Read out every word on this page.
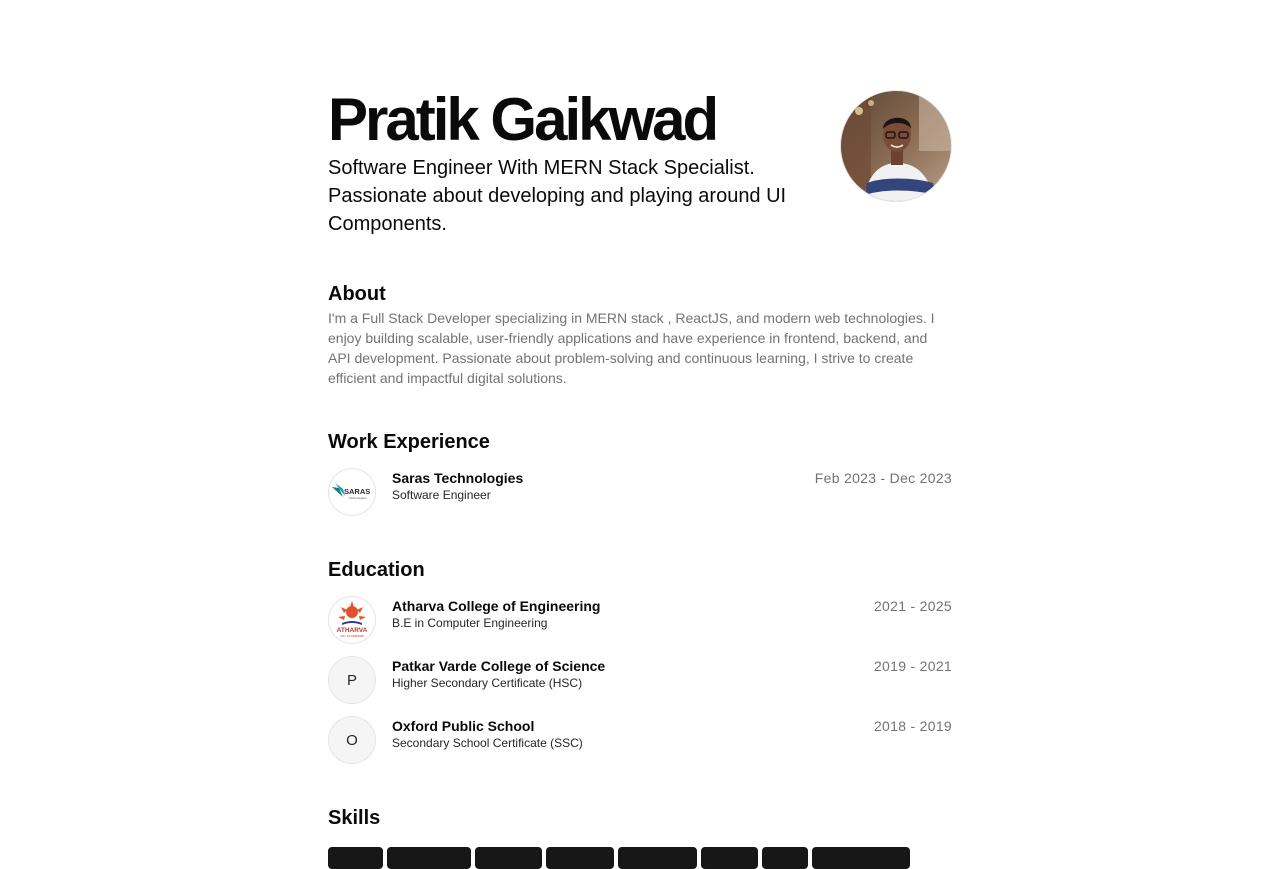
Pratik Gaikwad

Software Engineer With MERN Stack Specialist. Passionate about developing and playing around UI Components.

About

I'm a Full Stack Developer specializing in MERN stack , ReactJS, and modern web technologies. I enjoy building scalable, user-friendly applications and have experience in frontend, backend, and API development. Passionate about problem-solving and continuous learning, I strive to create efficient and impactful digital solutions.

Work Experience
SARAS
Technologies
Saras Technologies
Software Engineer
Feb 2023 - Dec 2023
Education
ATHARVA
"JOY OF DREAMS"
Atharva College of Engineering
B.E in Computer Engineering
2021 - 2025
P
Patkar Varde College of Science
Higher Secondary Certificate (HSC)
2019 - 2021
O
Oxford Public School
Secondary School Certificate (SSC)
2018 - 2019
Skills
